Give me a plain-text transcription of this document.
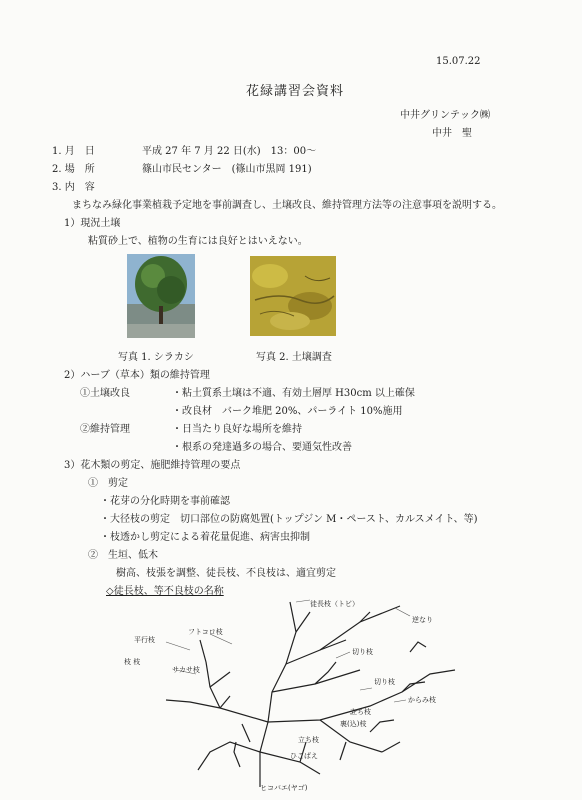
15.07.22
花緑講習会資料
中井グリンテック㈱
中井　聖
1. 月　日	平成 27 年 7 月 22 日(水)　13：00～
2. 場　所	篠山市民センター　(篠山市黒岡 191)
3. 内　容
まちなみ緑化事業植栽予定地を事前調査し、土壌改良、維持管理方法等の注意事項を説明する。
1）現況土壌
粘質砂上で、植物の生育には良好とはいえない。
写真 1. シラカシ	写真 2. 土壌調査
2）ハーブ（草本）類の維持管理
①土壌改良	・粘土質系土壌は不適、有効土層厚 H30cm 以上確保
・改良材　バーク堆肥 20%、パーライト 10%施用
②維持管理	・日当たり良好な場所を維持
・根系の発達過多の場合、要通気性改善
3）花木類の剪定、施肥維持管理の要点
①　剪定
・花芽の分化時期を事前確認
・大径枝の剪定　切口部位の防腐処置(トップジン M・ペースト、カルスメイト、等)
・枝透かし剪定による着花量促進、病害虫抑制
②　生垣、低木
樹高、枝張を調整、徒長枝、不良枝は、適宜剪定
◇徒長枝、等不良枝の名称
徒長枝（トビ）
逆なり
フトコロ枝
切り枝
平行枝
枝 枝
サカサ枝
切り枝
からみ枝
立ち枝
裏(込)枝
立ち枝
ひこばえ
ヒコバエ(ヤゴ)
